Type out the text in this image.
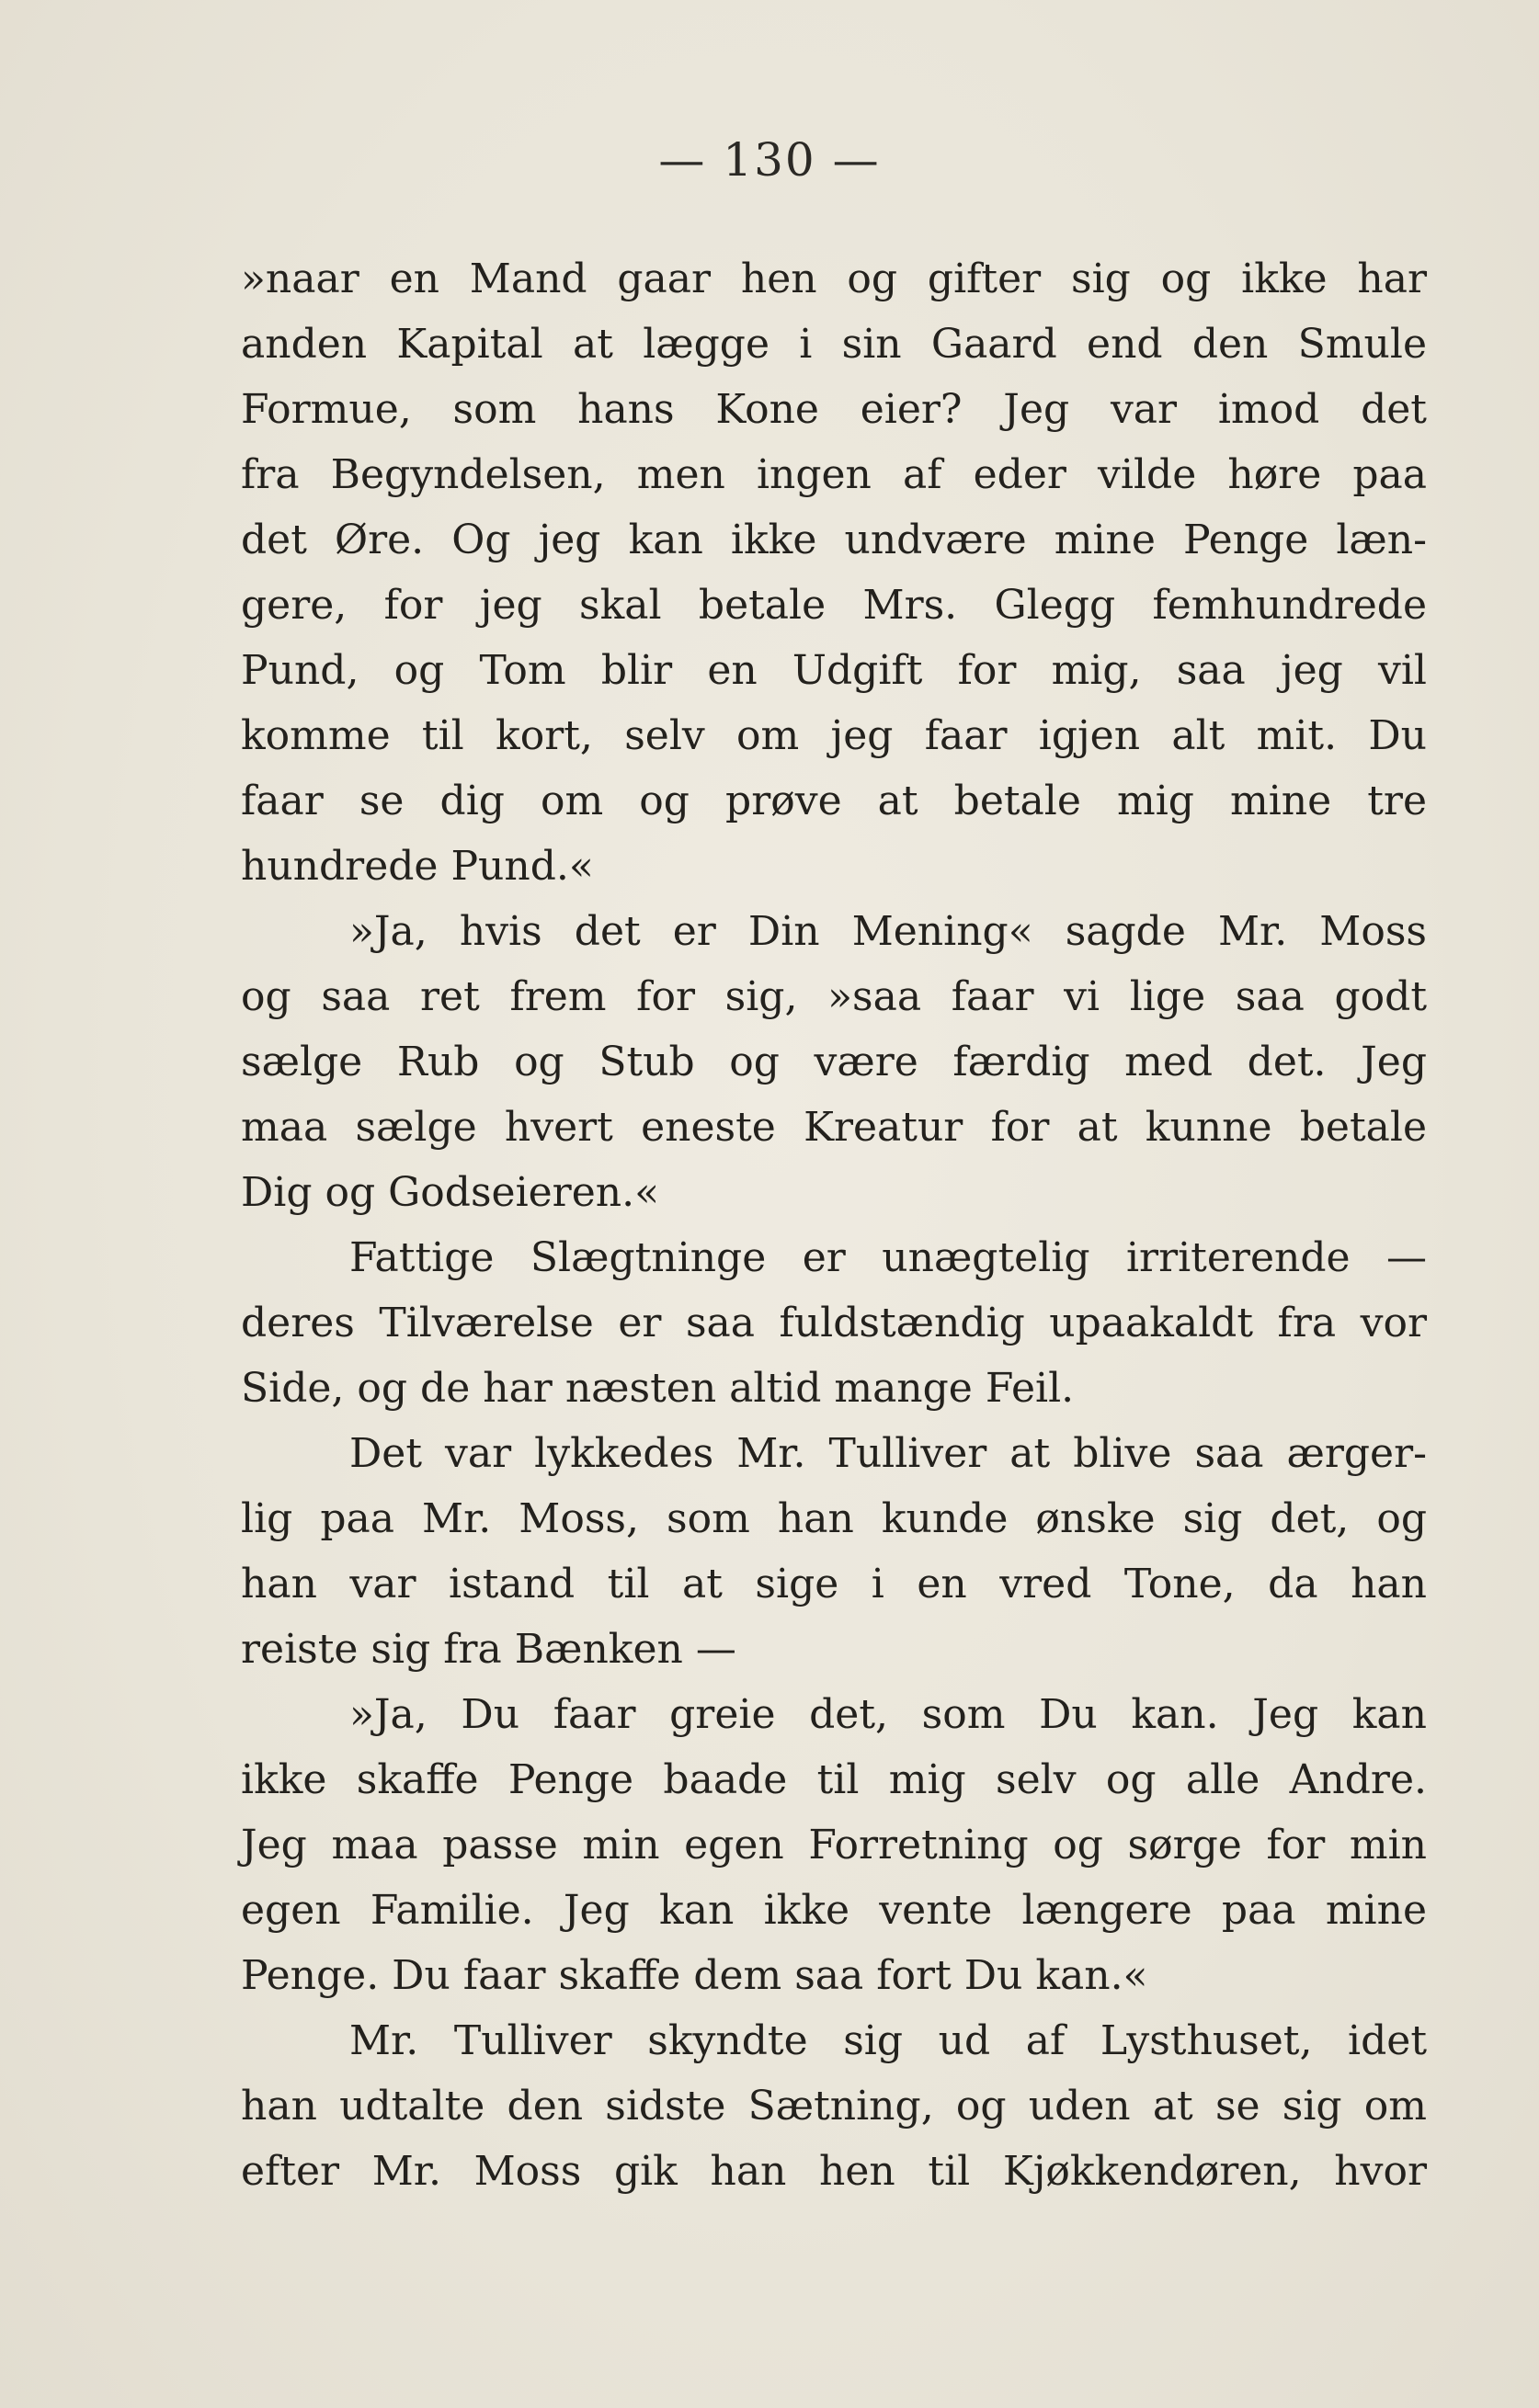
— 130 —
»naar en Mand gaar hen og gifter sig og ikke har
anden Kapital at lægge i sin Gaard end den Smule
Formue, som hans Kone eier? Jeg var imod det
fra Begyndelsen, men ingen af eder vilde høre paa
det Øre. Og jeg kan ikke undvære mine Penge læn-
gere, for jeg skal betale Mrs. Glegg femhundrede
Pund, og Tom blir en Udgift for mig, saa jeg vil
komme til kort, selv om jeg faar igjen alt mit. Du
faar se dig om og prøve at betale mig mine tre
hundrede Pund.«
»Ja, hvis det er Din Mening« sagde Mr. Moss
og saa ret frem for sig, »saa faar vi lige saa godt
sælge Rub og Stub og være færdig med det. Jeg
maa sælge hvert eneste Kreatur for at kunne betale
Dig og Godseieren.«
Fattige Slægtninge er unægtelig irriterende —
deres Tilværelse er saa fuldstændig upaakaldt fra vor
Side, og de har næsten altid mange Feil.
Det var lykkedes Mr. Tulliver at blive saa ærger-
lig paa Mr. Moss, som han kunde ønske sig det, og
han var istand til at sige i en vred Tone, da han
reiste sig fra Bænken —
»Ja, Du faar greie det, som Du kan. Jeg kan
ikke skaffe Penge baade til mig selv og alle Andre.
Jeg maa passe min egen Forretning og sørge for min
egen Familie. Jeg kan ikke vente længere paa mine
Penge. Du faar skaffe dem saa fort Du kan.«
Mr. Tulliver skyndte sig ud af Lysthuset, idet
han udtalte den sidste Sætning, og uden at se sig om
efter Mr. Moss gik han hen til Kjøkkendøren, hvor
